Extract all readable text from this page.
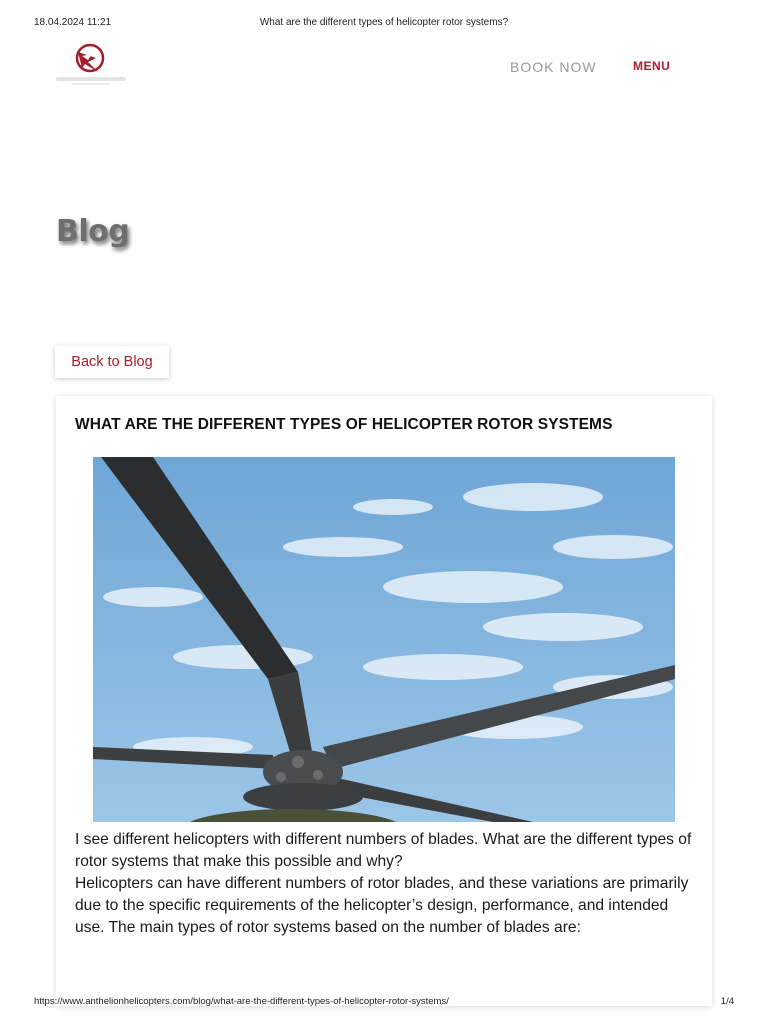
18.04.2024 11:21	What are the different types of helicopter rotor systems?
BOOK NOW	MENU
Blog
Back to Blog
WHAT ARE THE DIFFERENT TYPES OF HELICOPTER ROTOR SYSTEMS

I see different helicopters with different numbers of blades. What are the different types of rotor systems that make this possible and why?

Helicopters can have different numbers of rotor blades, and these variations are primarily due to the specific requirements of the helicopter’s design, performance, and intended use. The main types of rotor systems based on the number of blades are:

https://www.anthelionhelicopters.com/blog/what-are-the-different-types-of-helicopter-rotor-systems/	1/4
